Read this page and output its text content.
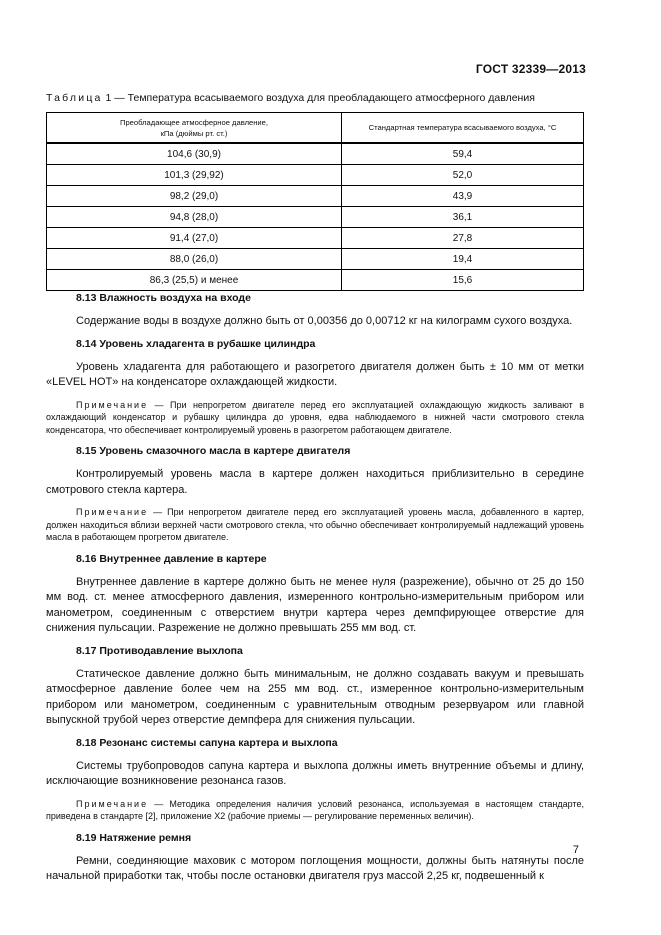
ГОСТ 32339—2013
Таблица 1 — Температура всасываемого воздуха для преобладающего атмосферного давления
Преобладающее атмосферное давление,
кПа (дюймы рт. ст.)	Стандартная температура всасываемого воздуха, °С
104,6 (30,9)	59,4
101,3 (29,92)	52,0
98,2 (29,0)	43,9
94,8 (28,0)	36,1
91,4 (27,0)	27,8
88,0 (26,0)	19,4
86,3 (25,5) и менее	15,6
8.13 Влажность воздуха на входе

Содержание воды в воздухе должно быть от 0,00356 до 0,00712 кг на килограмм сухого воздуха.

8.14 Уровень хладагента в рубашке цилиндра

Уровень хладагента для работающего и разогретого двигателя должен быть ± 10 мм от метки «LEVEL HOT» на конденсаторе охлаждающей жидкости.

Примечание — При непрогретом двигателе перед его эксплуатацией охлаждающую жидкость заливают в охлаждающий конденсатор и рубашку цилиндра до уровня, едва наблюдаемого в нижней части смотрового стекла конденсатора, что обеспечивает контролируемый уровень в разогретом работающем двигателе.

8.15 Уровень смазочного масла в картере двигателя

Контролируемый уровень масла в картере должен находиться приблизительно в середине смотрового стекла картера.

Примечание — При непрогретом двигателе перед его эксплуатацией уровень масла, добавленного в картер, должен находиться вблизи верхней части смотрового стекла, что обычно обеспечивает контролируемый надлежащий уровень масла в работающем прогретом двигателе.

8.16 Внутреннее давление в картере

Внутреннее давление в картере должно быть не менее нуля (разрежение), обычно от 25 до 150 мм вод. ст. менее атмосферного давления, измеренного контрольно-измерительным прибором или манометром, соединенным с отверстием внутри картера через демпфирующее отверстие для снижения пульсации. Разрежение не должно превышать 255 мм вод. ст.

8.17 Противодавление выхлопа

Статическое давление должно быть минимальным, не должно создавать вакуум и превышать атмосферное давление более чем на 255 мм вод. ст., измеренное контрольно-измерительным прибором или манометром, соединенным с уравнительным отводным резервуаром или главной выпускной трубой через отверстие демпфера для снижения пульсации.

8.18 Резонанс системы сапуна картера и выхлопа

Системы трубопроводов сапуна картера и выхлопа должны иметь внутренние объемы и длину, исключающие возникновение резонанса газов.

Примечание — Методика определения наличия условий резонанса, используемая в настоящем стандарте, приведена в стандарте [2], приложение Х2 (рабочие приемы — регулирование переменных величин).

8.19 Натяжение ремня

Ремни, соединяющие маховик с мотором поглощения мощности, должны быть натянуты после начальной приработки так, чтобы после остановки двигателя груз массой 2,25 кг, подвешенный к

7
